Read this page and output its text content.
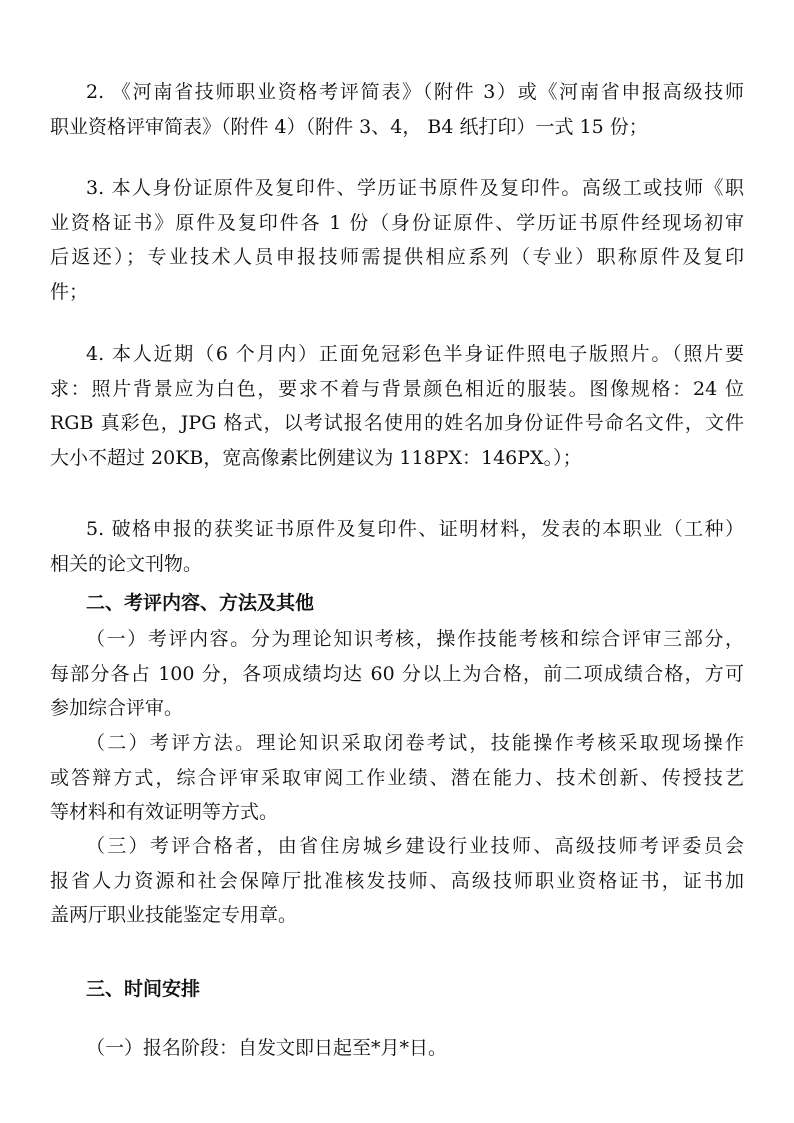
2. 《河南省技师职业资格考评简表》（附件 3）或《河南省申报高级技师
职业资格评审简表》（附件 4）（附件 3、4， B4 纸打印）一式 15 份；
3. 本人身份证原件及复印件、学历证书原件及复印件。高级工或技师《职
业资格证书》原件及复印件各 1 份（身份证原件、学历证书原件经现场初审
后返还）；专业技术人员申报技师需提供相应系列（专业）职称原件及复印
件；
4. 本人近期（6 个月内）正面免冠彩色半身证件照电子版照片。（照片要
求：照片背景应为白色，要求不着与背景颜色相近的服装。图像规格：24 位
RGB 真彩色，JPG 格式，以考试报名使用的姓名加身份证件号命名文件，文件
大小不超过 20KB，宽高像素比例建议为 118PX：146PX。）；
5. 破格申报的获奖证书原件及复印件、证明材料，发表的本职业（工种）
相关的论文刊物。
二、考评内容、方法及其他
（一）考评内容。分为理论知识考核，操作技能考核和综合评审三部分，
每部分各占 100 分，各项成绩均达 60 分以上为合格，前二项成绩合格，方可
参加综合评审。
（二）考评方法。理论知识采取闭卷考试，技能操作考核采取现场操作
或答辩方式，综合评审采取审阅工作业绩、潜在能力、技术创新、传授技艺
等材料和有效证明等方式。
（三）考评合格者，由省住房城乡建设行业技师、高级技师考评委员会
报省人力资源和社会保障厅批准核发技师、高级技师职业资格证书，证书加
盖两厅职业技能鉴定专用章。
三、时间安排
（一）报名阶段：自发文即日起至*月*日。
